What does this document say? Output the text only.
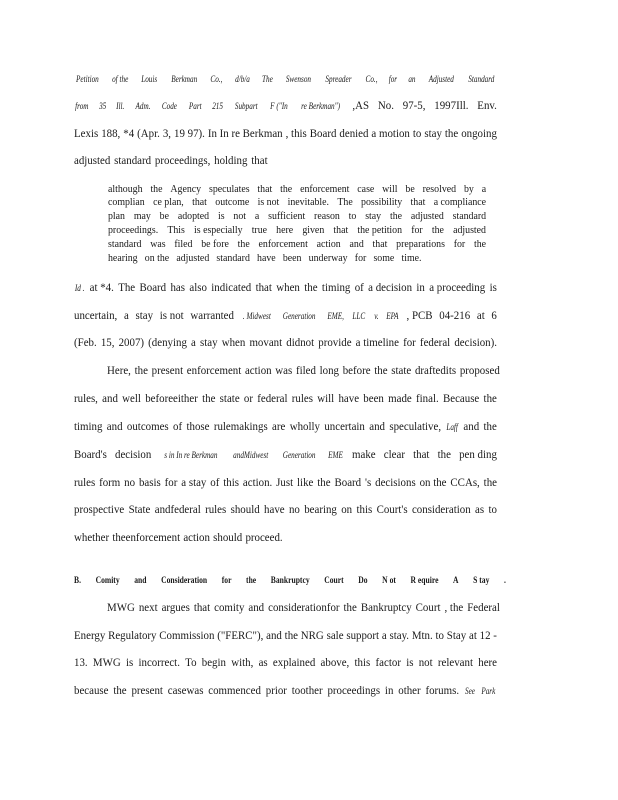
Petition of the Louis Berkman Co., d/b/a The Swenson Spreader Co., for an Adjusted Standard
from 35 Ill. Adm. Code Part 215 Subpart F ("In re Berkman") ,AS No. 97-5, 1997Ill. Env.
Lexis 188, *4 (Apr. 3, 19 97). In In re Berkman , this Board denied a motion to stay the ongoing
adjusted standard proceedings, holding that
although the Agency speculates that the enforcement case will be resolved by a
complian ce plan, that outcome is not inevitable. The possibility that a compliance
plan may be adopted is not a sufficient reason to stay the adjusted standard
proceedings. This is especially true here given that the petition for the adjusted
standard was filed be fore the enforcement action and that preparations for the
hearing on the adjusted standard have been underway for some time.
Id . at *4. The Board has also indicated that when the timing of a decision in a proceeding is
uncertain, a stay is not warranted . Midwest Generation EME, LLC v. EPA , PCB 04-216 at 6
(Feb. 15, 2007) (denying a stay when movant didnot provide a timeline for federal decision).
Here, the present enforcement action was filed long before the state draftedits proposed
rules, and well beforeeither the state or federal rules will have been made final. Because the
timing and outcomes of those rulemakings are wholly uncertain and speculative, Laff and the
Board's decision s in In re Berkman andMidwest Generation EME make clear that the pen ding
rules form no basis for a stay of this action. Just like the Board 's decisions on the CCAs, the
prospective State andfederal rules should have no bearing on this Court's consideration as to
whether theenforcement action should proceed.
B. Comity and Consideration for the Bankruptcy Court Do N ot R equire A S tay .
MWG next argues that comity and considerationfor the Bankruptcy Court , the Federal
Energy Regulatory Commission ("FERC"), and the NRG sale support a stay. Mtn. to Stay at 12 -
13. MWG is incorrect. To begin with, as explained above, this factor is not relevant here
because the present casewas commenced prior toother proceedings in other forums. See Park
